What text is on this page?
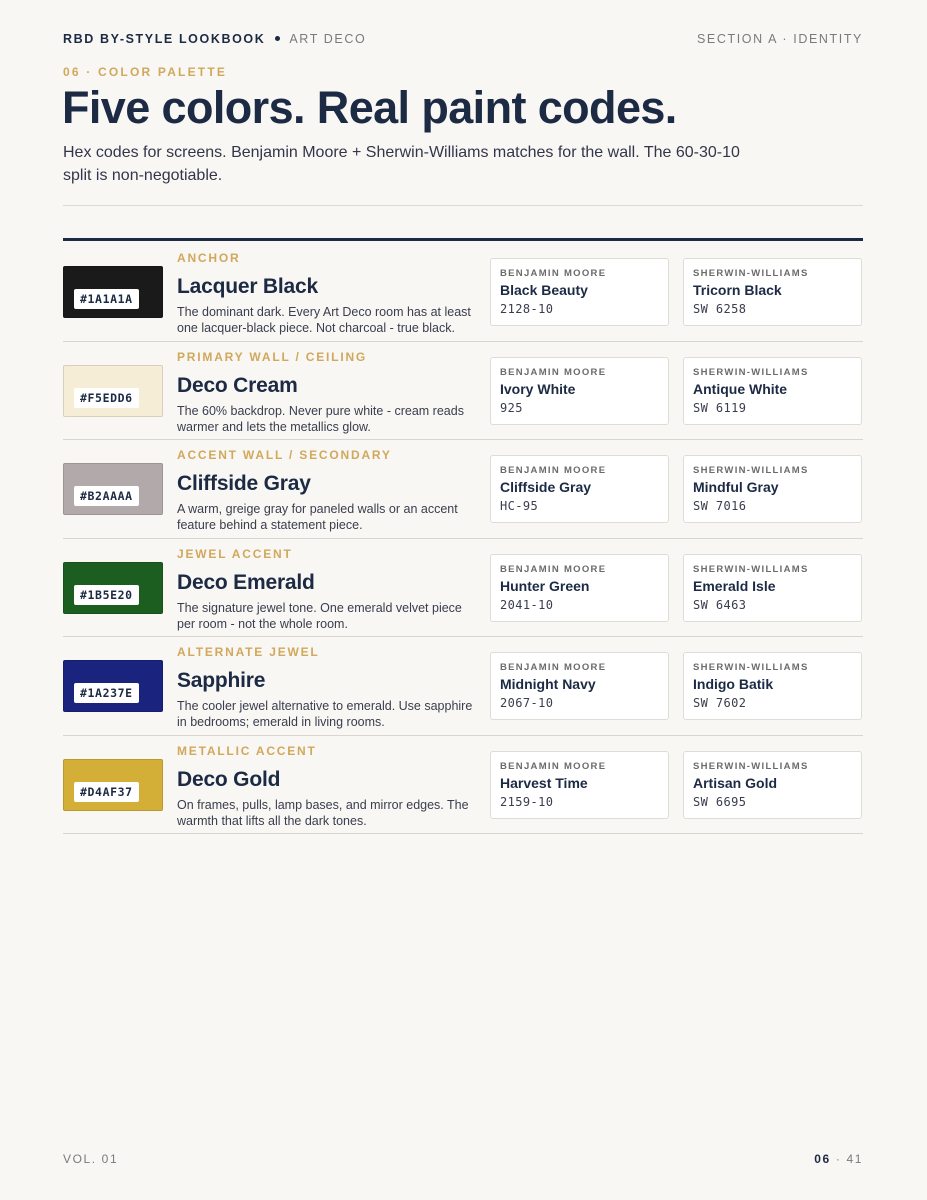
RBD BY-STYLE LOOKBOOK ART DECO	SECTION A · IDENTITY
06 · COLOR PALETTE
Five colors. Real paint codes.

Hex codes for screens. Benjamin Moore + Sherwin-Williams matches for the wall. The 60-30-10 split is non-negotiable.

#1A1A1A
ANCHOR
Lacquer Black
The dominant dark. Every Art Deco room has at least one lacquer-black piece. Not charcoal - true black.
BENJAMIN MOORE
Black Beauty
2128-10
SHERWIN-WILLIAMS
Tricorn Black
SW 6258
#F5EDD6
PRIMARY WALL / CEILING
Deco Cream
The 60% backdrop. Never pure white - cream reads warmer and lets the metallics glow.
BENJAMIN MOORE
Ivory White
925
SHERWIN-WILLIAMS
Antique White
SW 6119
#B2AAAA
ACCENT WALL / SECONDARY
Cliffside Gray
A warm, greige gray for paneled walls or an accent feature behind a statement piece.
BENJAMIN MOORE
Cliffside Gray
HC-95
SHERWIN-WILLIAMS
Mindful Gray
SW 7016
#1B5E20
JEWEL ACCENT
Deco Emerald
The signature jewel tone. One emerald velvet piece per room - not the whole room.
BENJAMIN MOORE
Hunter Green
2041-10
SHERWIN-WILLIAMS
Emerald Isle
SW 6463
#1A237E
ALTERNATE JEWEL
Sapphire
The cooler jewel alternative to emerald. Use sapphire in bedrooms; emerald in living rooms.
BENJAMIN MOORE
Midnight Navy
2067-10
SHERWIN-WILLIAMS
Indigo Batik
SW 7602
#D4AF37
METALLIC ACCENT
Deco Gold
On frames, pulls, lamp bases, and mirror edges. The warmth that lifts all the dark tones.
BENJAMIN MOORE
Harvest Time
2159-10
SHERWIN-WILLIAMS
Artisan Gold
SW 6695
VOL. 01	06 · 41
